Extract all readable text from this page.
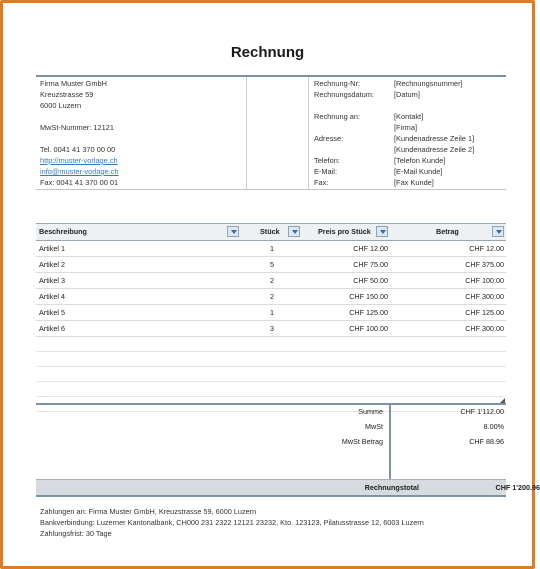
Rechnung
Firma Muster GmbH
Kreuzstrasse 59
6000 Luzern
MwSt-Nummer: 12121
Tel. 0041 41 370 00 00
http://muster-vorlage.ch
info@muster-vorlage.ch
Fax: 0041 41 370 00 01
Rechnung-Nr:	[Rechnungsnummer]
Rechnungsdatum:	[Datum]
Rechnung an:	[Kontakt]
[Firma]
Adresse:	[Kundenadresse Zeile 1]
[Kundenadresse Zeile 2]
Telefon:	[Telefon Kunde]
E-Mail:	[E-Mail Kunde]
Fax:	[Fax Kunde]
Beschreibung	Stück	Preis pro Stück	Betrag
Artikel 1	1	CHF 12.00	CHF 12.00
Artikel 2	5	CHF 75.00	CHF 375.00
Artikel 3	2	CHF 50.00	CHF 100.00
Artikel 4	2	CHF 150.00	CHF 300.00
Artikel 5	1	CHF 125.00	CHF 125.00
Artikel 6	3	CHF 100.00	CHF 300.00
Summe	CHF 1'112.00
MwSt	8.00%
MwSt Betrag	CHF 88.96
Rechnungstotal	CHF 1'200.96
Zahlungen an: Firma Muster GmbH, Kreuzstrasse 59, 6000 Luzern
Bankverbindung: Luzerner Kantonalbank, CH000 231 2322 12121 23232, Kto. 123123, Pilatusstrasse 12, 6003 Luzern
Zahlungsfrist: 30 Tage
